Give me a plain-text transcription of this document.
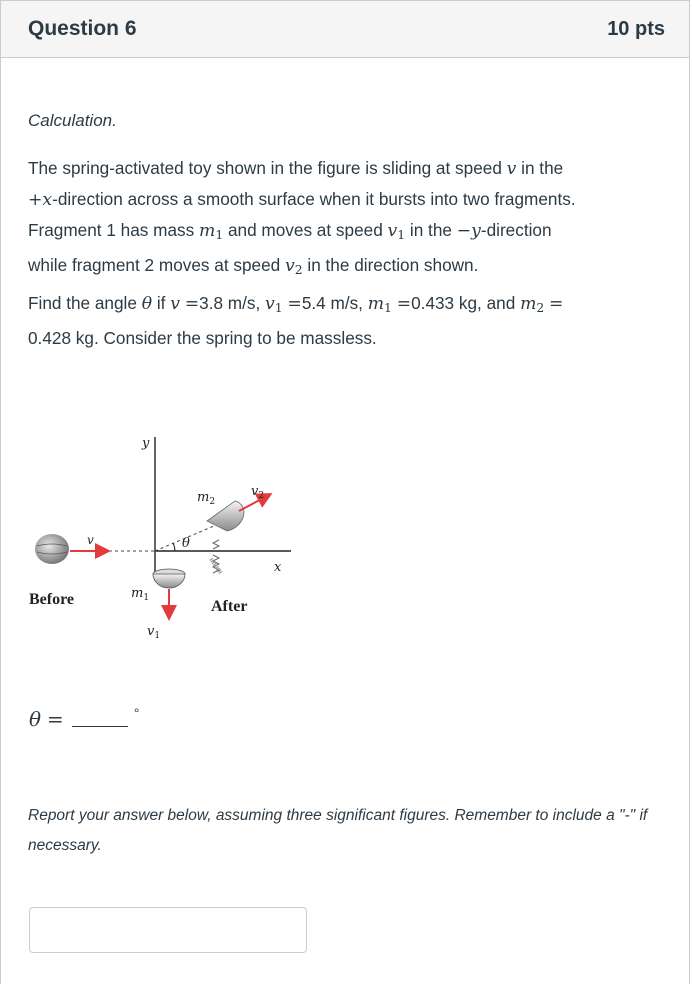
Question 6	10 pts
Calculation.
The spring-activated toy shown in the figure is sliding at speed v in the
+x-direction across a smooth surface when it bursts into two fragments.
Fragment 1 has mass $m_1$ and moves at speed $v_1$ in the −y-direction
while fragment 2 moves at speed $v_2$ in the direction shown.
Find the angle θ if v =3.8 m/s, $v_1 =5.4$ m/s, $m_1 =0.433$ kg, and $m_2$ =
0.428 kg. Consider the spring to be massless.
y
x
θ
v
Before
$m_2$
$v_2$
$m_1$
$v_1$
After
θ =	°
Report your answer below, assuming three significant figures. Remember to include a "-" if necessary.
